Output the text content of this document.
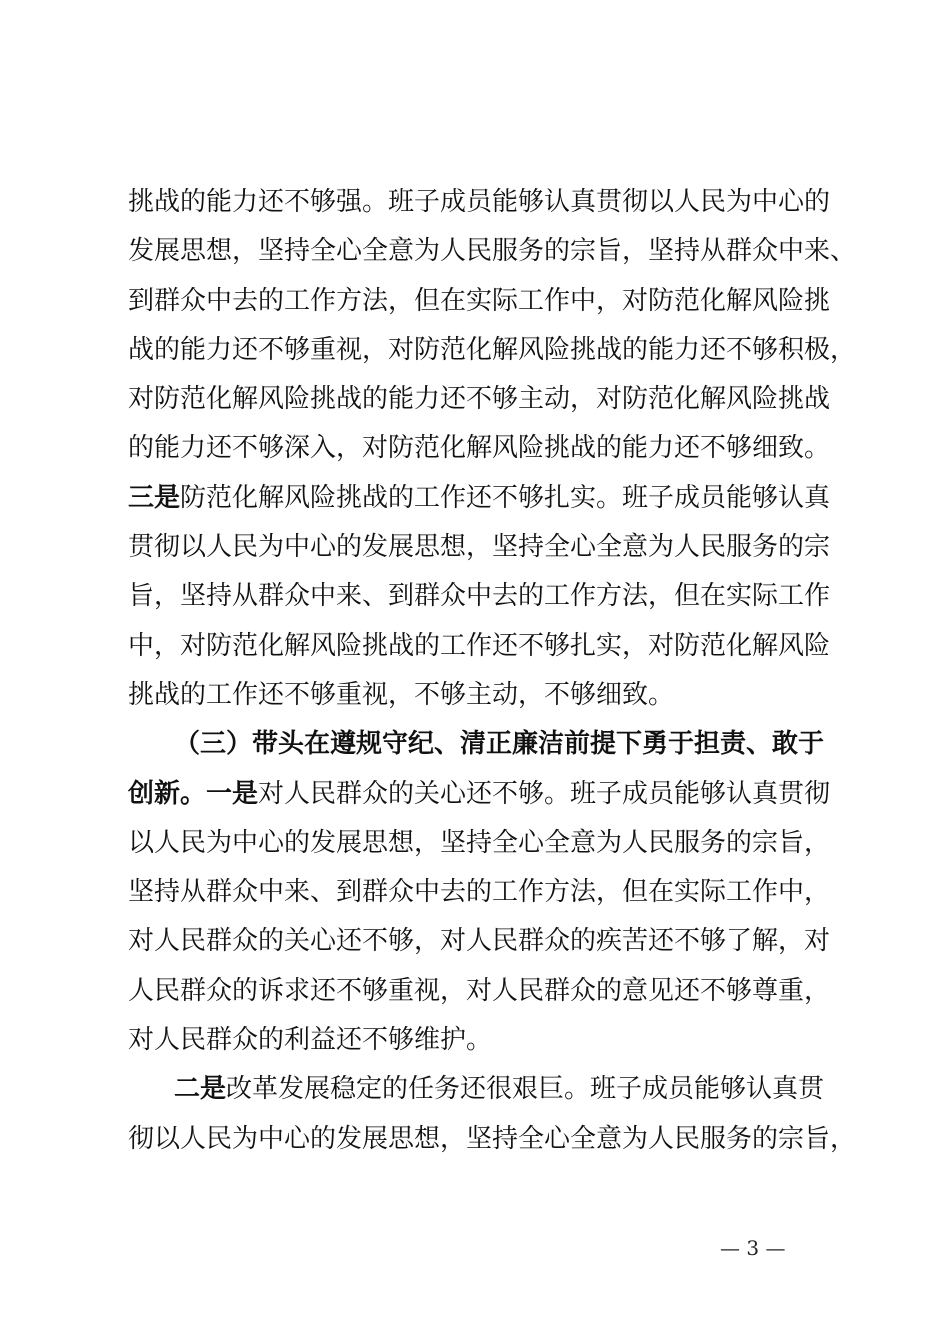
挑战的能力还不够强。班子成员能够认真贯彻以人民为中心的
发展思想，坚持全心全意为人民服务的宗旨，坚持从群众中来、
到群众中去的工作方法，但在实际工作中，对防范化解风险挑
战的能力还不够重视，对防范化解风险挑战的能力还不够积极，
对防范化解风险挑战的能力还不够主动，对防范化解风险挑战
的能力还不够深入，对防范化解风险挑战的能力还不够细致。
三是防范化解风险挑战的工作还不够扎实。班子成员能够认真
贯彻以人民为中心的发展思想，坚持全心全意为人民服务的宗
旨，坚持从群众中来、到群众中去的工作方法，但在实际工作
中，对防范化解风险挑战的工作还不够扎实，对防范化解风险
挑战的工作还不够重视，不够主动，不够细致。
（三）带头在遵规守纪、清正廉洁前提下勇于担责、敢于
创新。一是对人民群众的关心还不够。班子成员能够认真贯彻
以人民为中心的发展思想，坚持全心全意为人民服务的宗旨，
坚持从群众中来、到群众中去的工作方法，但在实际工作中，
对人民群众的关心还不够，对人民群众的疾苦还不够了解，对
人民群众的诉求还不够重视，对人民群众的意见还不够尊重，
对人民群众的利益还不够维护。
二是改革发展稳定的任务还很艰巨。班子成员能够认真贯
彻以人民为中心的发展思想，坚持全心全意为人民服务的宗旨，
— 3 —
